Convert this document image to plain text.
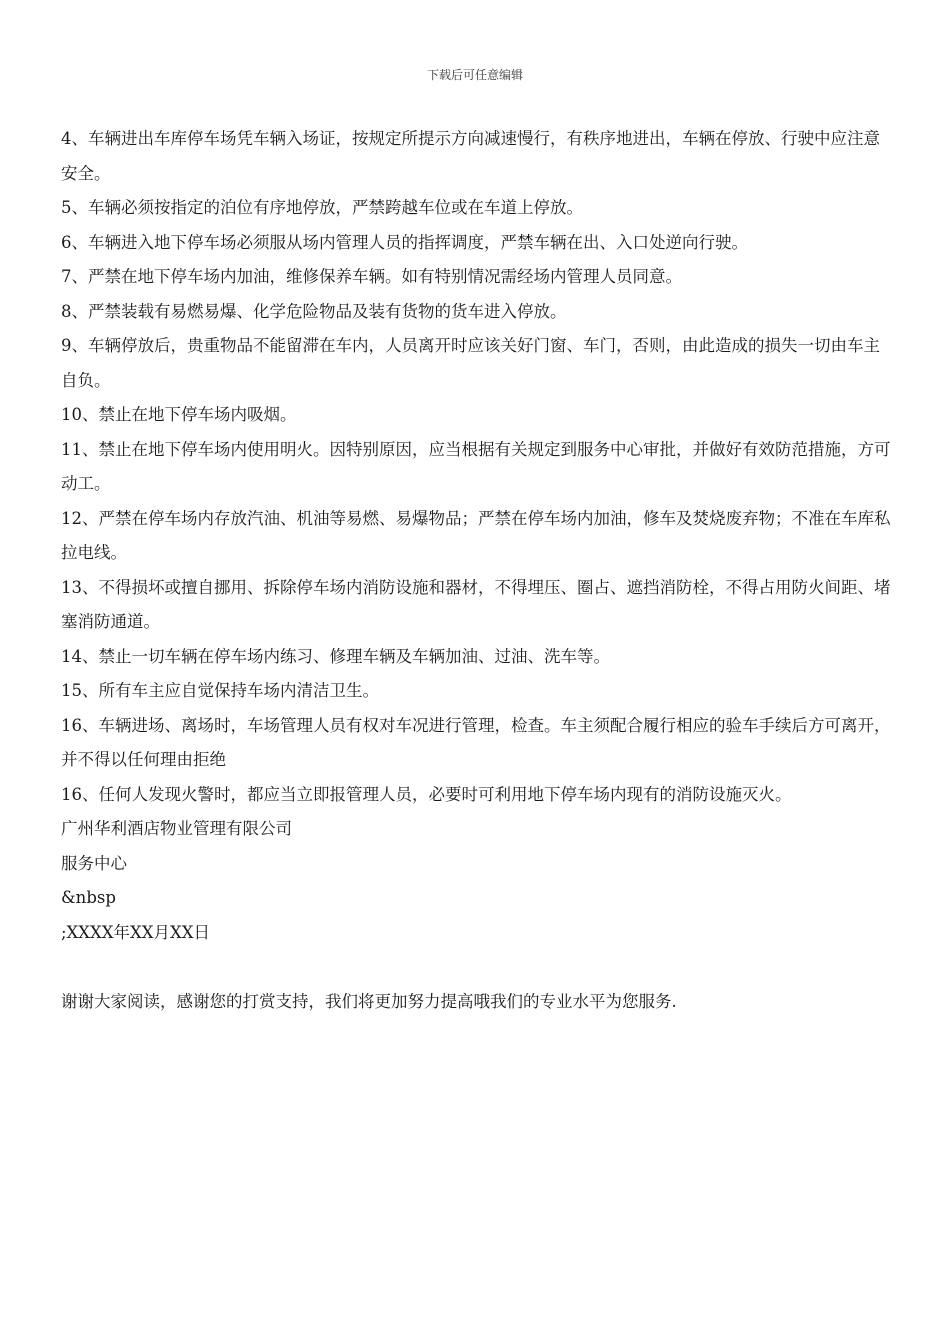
下载后可任意编辑

4、车辆进出车库停车场凭车辆入场证，按规定所提示方向减速慢行，有秩序地进出，车辆在停放、行驶中应注意安全。

5、车辆必须按指定的泊位有序地停放，严禁跨越车位或在车道上停放。

6、车辆进入地下停车场必须服从场内管理人员的指挥调度，严禁车辆在出、入口处逆向行驶。

7、严禁在地下停车场内加油，维修保养车辆。如有特别情况需经场内管理人员同意。

8、严禁装载有易燃易爆、化学危险物品及装有货物的货车进入停放。

9、车辆停放后，贵重物品不能留滞在车内，人员离开时应该关好门窗、车门，否则，由此造成的损失一切由车主自负。

10、禁止在地下停车场内吸烟。

11、禁止在地下停车场内使用明火。因特别原因，应当根据有关规定到服务中心审批，并做好有效防范措施，方可动工。

12、严禁在停车场内存放汽油、机油等易燃、易爆物品；严禁在停车场内加油，修车及焚烧废弃物；不准在车库私拉电线。

13、不得损坏或擅自挪用、拆除停车场内消防设施和器材，不得埋压、圈占、遮挡消防栓，不得占用防火间距、堵塞消防通道。

14、禁止一切车辆在停车场内练习、修理车辆及车辆加油、过油、洗车等。

15、所有车主应自觉保持车场内清洁卫生。

16、车辆进场、离场时，车场管理人员有权对车况进行管理，检查。车主须配合履行相应的验车手续后方可离开，并不得以任何理由拒绝

16、任何人发现火警时，都应当立即报管理人员，必要时可利用地下停车场内现有的消防设施灭火。

广州华利酒店物业管理有限公司

服务中心

&nbsp

;XXXX年XX月XX日

谢谢大家阅读，感谢您的打赏支持，我们将更加努力提高哦我们的专业水平为您服务.
